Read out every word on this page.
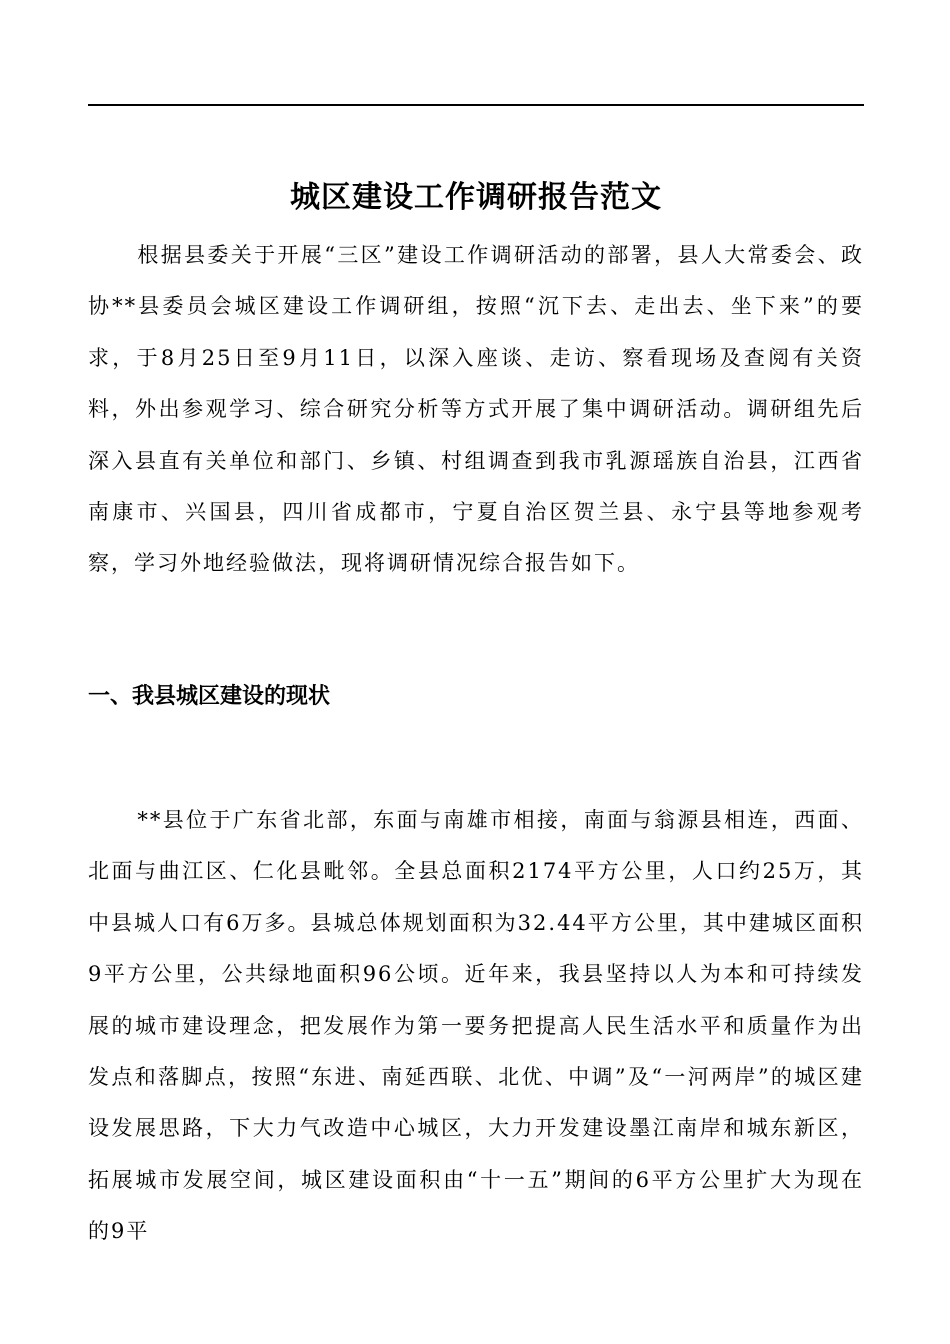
城区建设工作调研报告范文

根据县委关于开展“三区”建设工作调研活动的部署，县人大常委会、政协**县委员会城区建设工作调研组，按照“沉下去、走出去、坐下来”的要求，于8月25日至9月11日，以深入座谈、走访、察看现场及查阅有关资料，外出参观学习、综合研究分析等方式开展了集中调研活动。调研组先后深入县直有关单位和部门、乡镇、村组调查到我市乳源瑶族自治县，江西省南康市、兴国县，四川省成都市，宁夏自治区贺兰县、永宁县等地参观考察，学习外地经验做法，现将调研情况综合报告如下。

一、我县城区建设的现状

**县位于广东省北部，东面与南雄市相接，南面与翁源县相连，西面、北面与曲江区、仁化县毗邻。全县总面积2174平方公里，人口约25万，其中县城人口有6万多。县城总体规划面积为32.44平方公里，其中建城区面积9平方公里，公共绿地面积96公顷。近年来，我县坚持以人为本和可持续发展的城市建设理念，把发展作为第一要务把提高人民生活水平和质量作为出发点和落脚点，按照“东进、南延西联、北优、中调”及“一河两岸”的城区建设发展思路，下大力气改造中心城区，大力开发建设墨江南岸和城东新区，拓展城市发展空间，城区建设面积由“十一五”期间的6平方公里扩大为现在的9平
